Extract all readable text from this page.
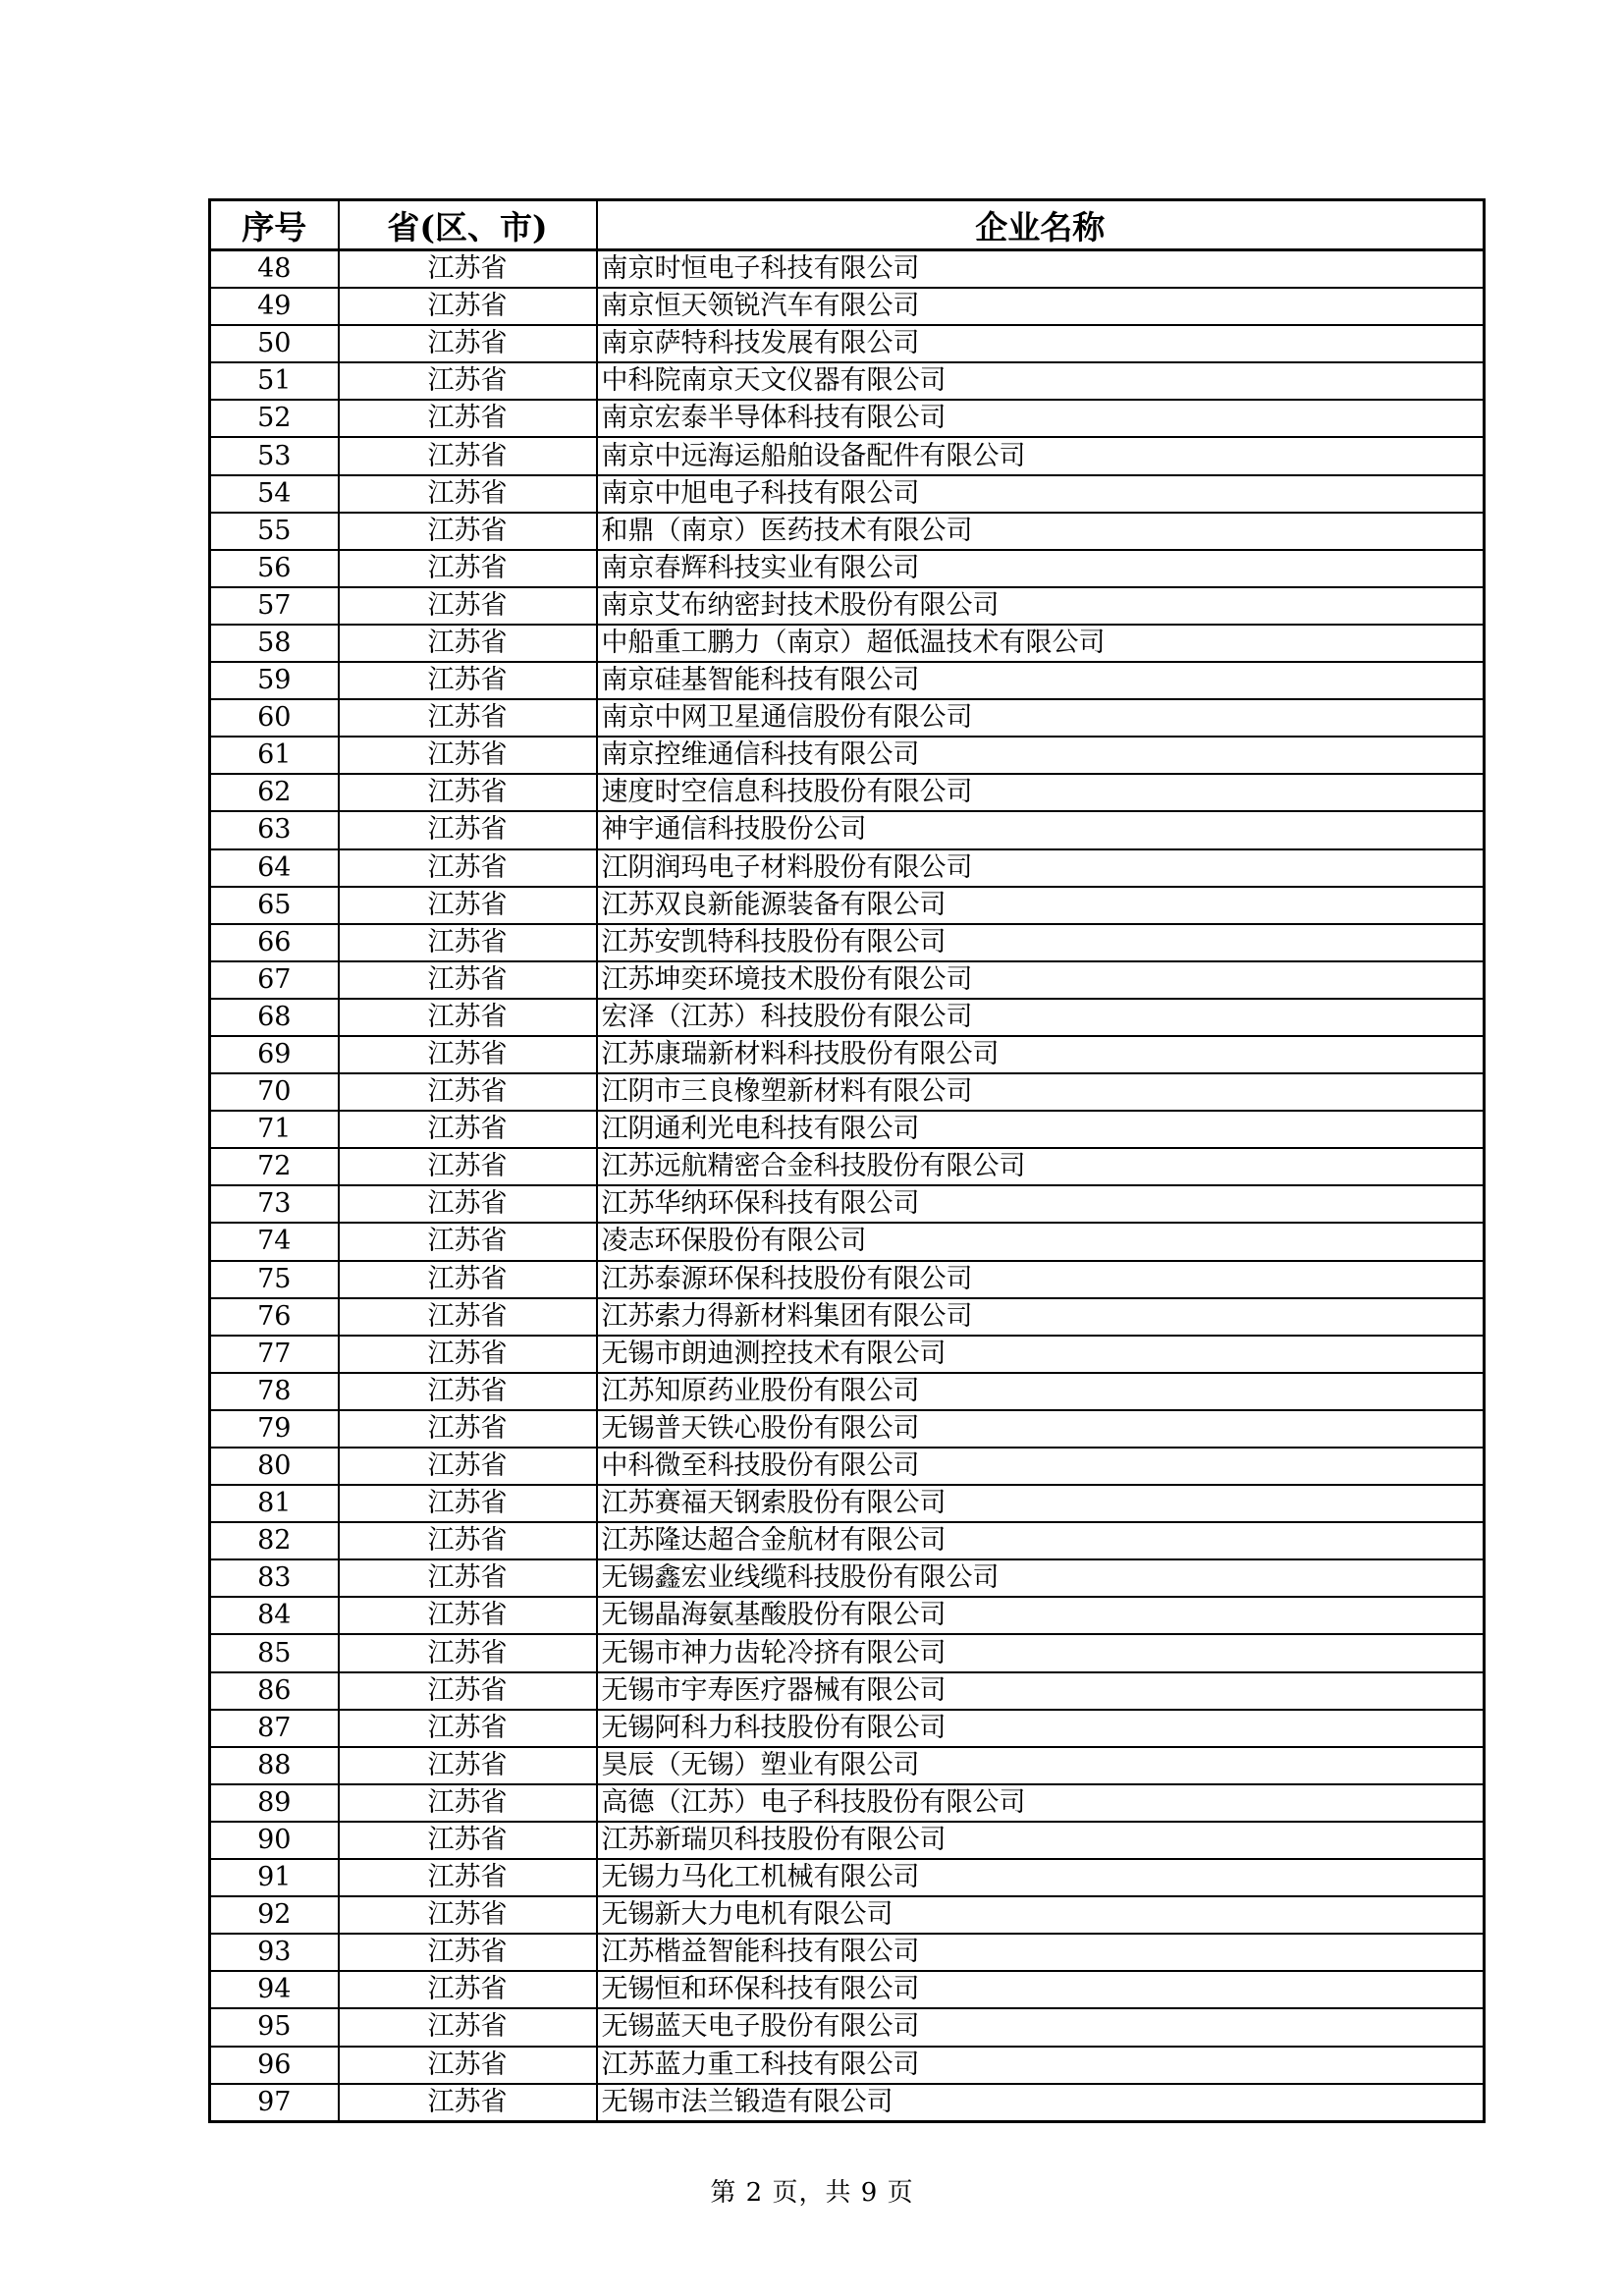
序号	省(区、市)	企业名称
48	江苏省	南京时恒电子科技有限公司
49	江苏省	南京恒天领锐汽车有限公司
50	江苏省	南京萨特科技发展有限公司
51	江苏省	中科院南京天文仪器有限公司
52	江苏省	南京宏泰半导体科技有限公司
53	江苏省	南京中远海运船舶设备配件有限公司
54	江苏省	南京中旭电子科技有限公司
55	江苏省	和鼎（南京）医药技术有限公司
56	江苏省	南京春辉科技实业有限公司
57	江苏省	南京艾布纳密封技术股份有限公司
58	江苏省	中船重工鹏力（南京）超低温技术有限公司
59	江苏省	南京硅基智能科技有限公司
60	江苏省	南京中网卫星通信股份有限公司
61	江苏省	南京控维通信科技有限公司
62	江苏省	速度时空信息科技股份有限公司
63	江苏省	神宇通信科技股份公司
64	江苏省	江阴润玛电子材料股份有限公司
65	江苏省	江苏双良新能源装备有限公司
66	江苏省	江苏安凯特科技股份有限公司
67	江苏省	江苏坤奕环境技术股份有限公司
68	江苏省	宏泽（江苏）科技股份有限公司
69	江苏省	江苏康瑞新材料科技股份有限公司
70	江苏省	江阴市三良橡塑新材料有限公司
71	江苏省	江阴通利光电科技有限公司
72	江苏省	江苏远航精密合金科技股份有限公司
73	江苏省	江苏华纳环保科技有限公司
74	江苏省	凌志环保股份有限公司
75	江苏省	江苏泰源环保科技股份有限公司
76	江苏省	江苏索力得新材料集团有限公司
77	江苏省	无锡市朗迪测控技术有限公司
78	江苏省	江苏知原药业股份有限公司
79	江苏省	无锡普天铁心股份有限公司
80	江苏省	中科微至科技股份有限公司
81	江苏省	江苏赛福天钢索股份有限公司
82	江苏省	江苏隆达超合金航材有限公司
83	江苏省	无锡鑫宏业线缆科技股份有限公司
84	江苏省	无锡晶海氨基酸股份有限公司
85	江苏省	无锡市神力齿轮冷挤有限公司
86	江苏省	无锡市宇寿医疗器械有限公司
87	江苏省	无锡阿科力科技股份有限公司
88	江苏省	昊辰（无锡）塑业有限公司
89	江苏省	高德（江苏）电子科技股份有限公司
90	江苏省	江苏新瑞贝科技股份有限公司
91	江苏省	无锡力马化工机械有限公司
92	江苏省	无锡新大力电机有限公司
93	江苏省	江苏楷益智能科技有限公司
94	江苏省	无锡恒和环保科技有限公司
95	江苏省	无锡蓝天电子股份有限公司
96	江苏省	江苏蓝力重工科技有限公司
97	江苏省	无锡市法兰锻造有限公司
第 2 页，共 9 页
